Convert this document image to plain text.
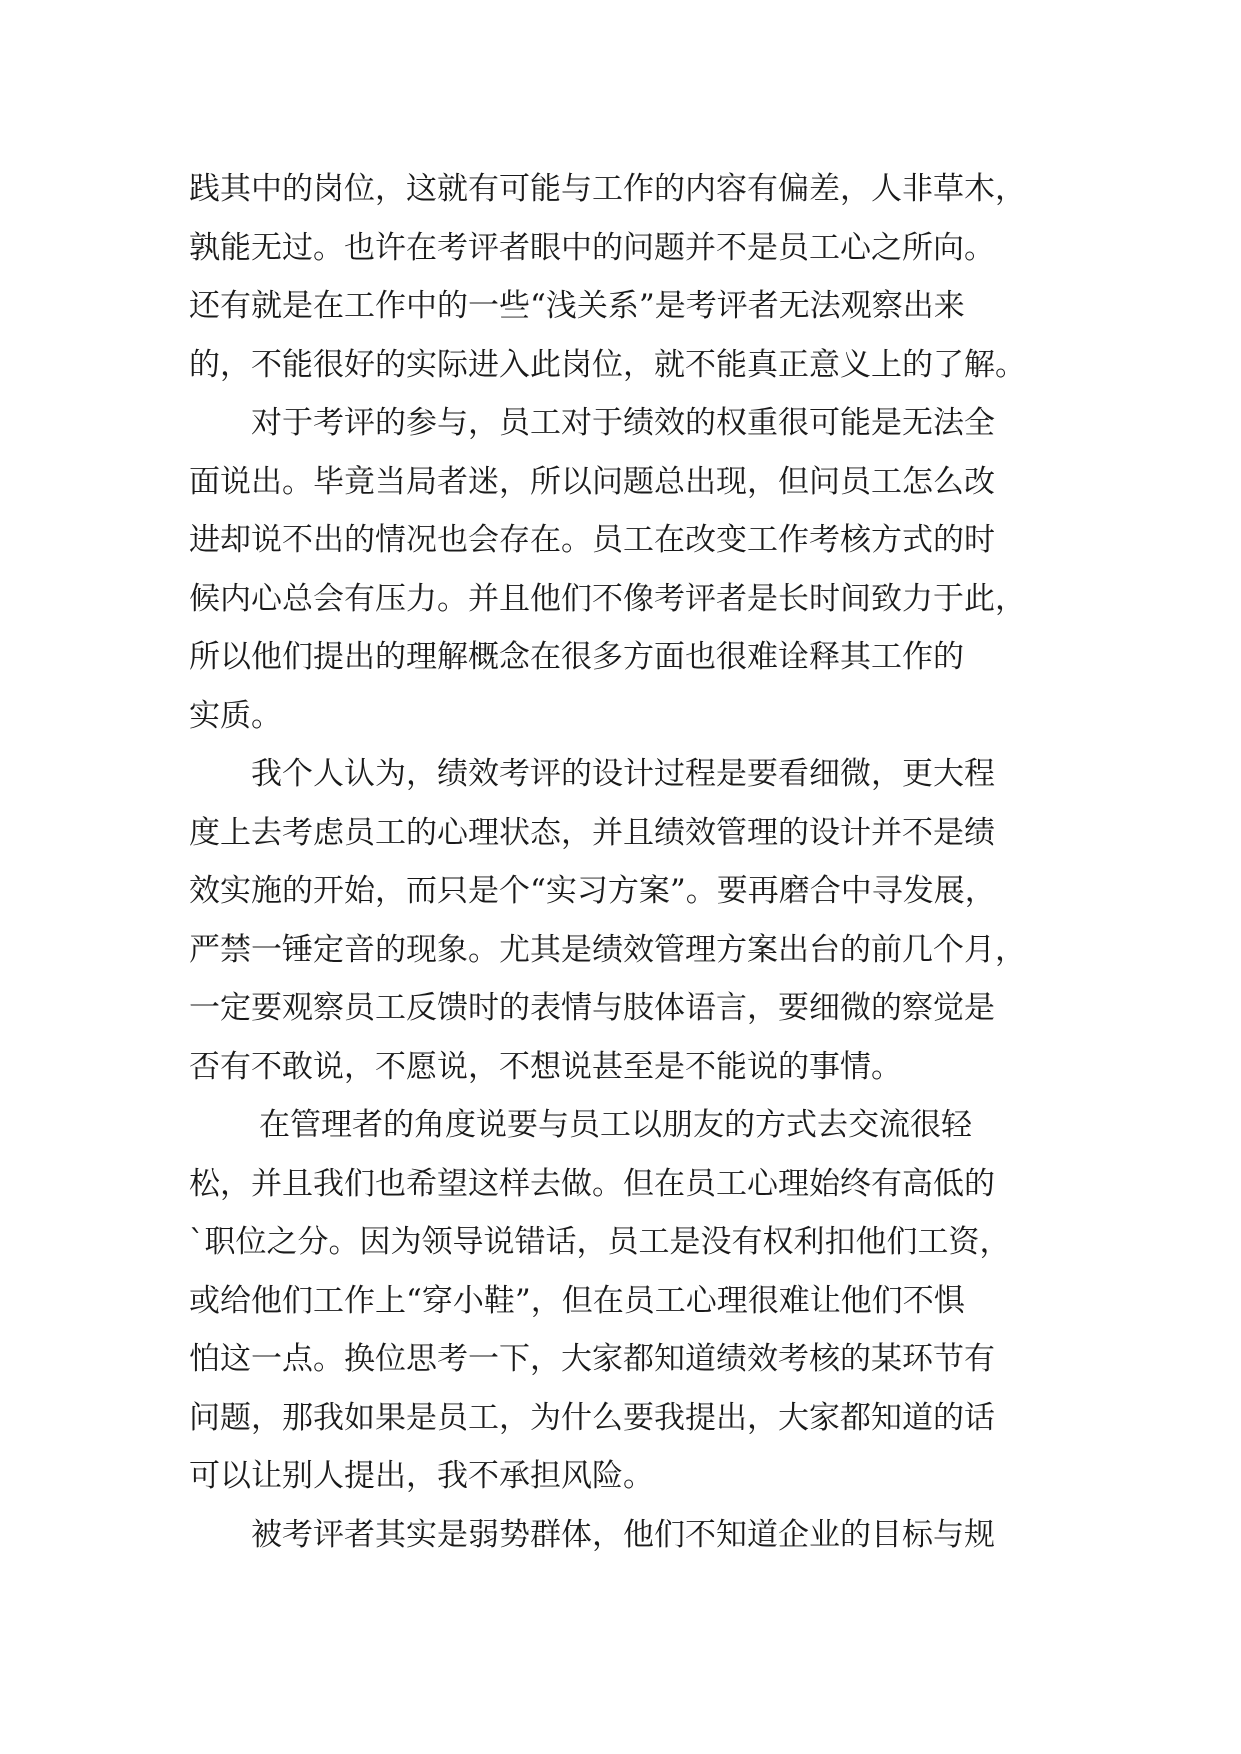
践其中的岗位，这就有可能与工作的内容有偏差，人非草木，
孰能无过。也许在考评者眼中的问题并不是员工心之所向。
还有就是在工作中的一些“浅关系”是考评者无法观察出来
的，不能很好的实际进入此岗位，就不能真正意义上的了解。
对于考评的参与，员工对于绩效的权重很可能是无法全
面说出。毕竟当局者迷，所以问题总出现，但问员工怎么改
进却说不出的情况也会存在。员工在改变工作考核方式的时
候内心总会有压力。并且他们不像考评者是长时间致力于此，
所以他们提出的理解概念在很多方面也很难诠释其工作的
实质。
我个人认为，绩效考评的设计过程是要看细微，更大程
度上去考虑员工的心理状态，并且绩效管理的设计并不是绩
效实施的开始，而只是个“实习方案”。要再磨合中寻发展，
严禁一锤定音的现象。尤其是绩效管理方案出台的前几个月，
一定要观察员工反馈时的表情与肢体语言，要细微的察觉是
否有不敢说，不愿说，不想说甚至是不能说的事情。
在管理者的角度说要与员工以朋友的方式去交流很轻
松，并且我们也希望这样去做。但在员工心理始终有高低的
`职位之分。因为领导说错话，员工是没有权利扣他们工资，
或给他们工作上“穿小鞋”，但在员工心理很难让他们不惧
怕这一点。换位思考一下，大家都知道绩效考核的某环节有
问题，那我如果是员工，为什么要我提出，大家都知道的话
可以让别人提出，我不承担风险。
被考评者其实是弱势群体，他们不知道企业的目标与规
